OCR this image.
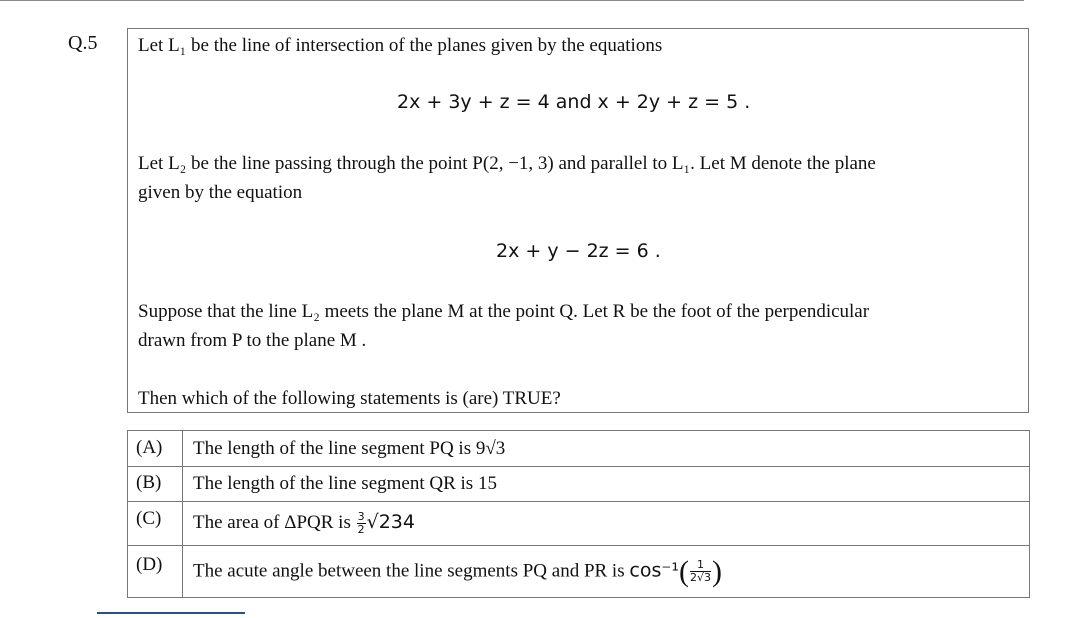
Q.5 Let L₁ be the line of intersection of the planes given by the equations
2x + 3y + z = 4 and x + 2y + z = 5 .
Let L₂ be the line passing through the point P(2, −1, 3) and parallel to L₁. Let M denote the plane
given by the equation
2x + y − 2z = 6 .
Suppose that the line L₂ meets the plane M at the point Q. Let R be the foot of the perpendicular
drawn from P to the plane M .
Then which of the following statements is (are) TRUE?
(A)	The length of the line segment PQ is 9√3
(B)	The length of the line segment QR is 15
(C)	The area of ΔPQR is $\frac{3}{2} √234$
(D)	The acute angle between the line segments PQ and PR is $\cos^{-1}( \frac{1}{2√3}$ )
